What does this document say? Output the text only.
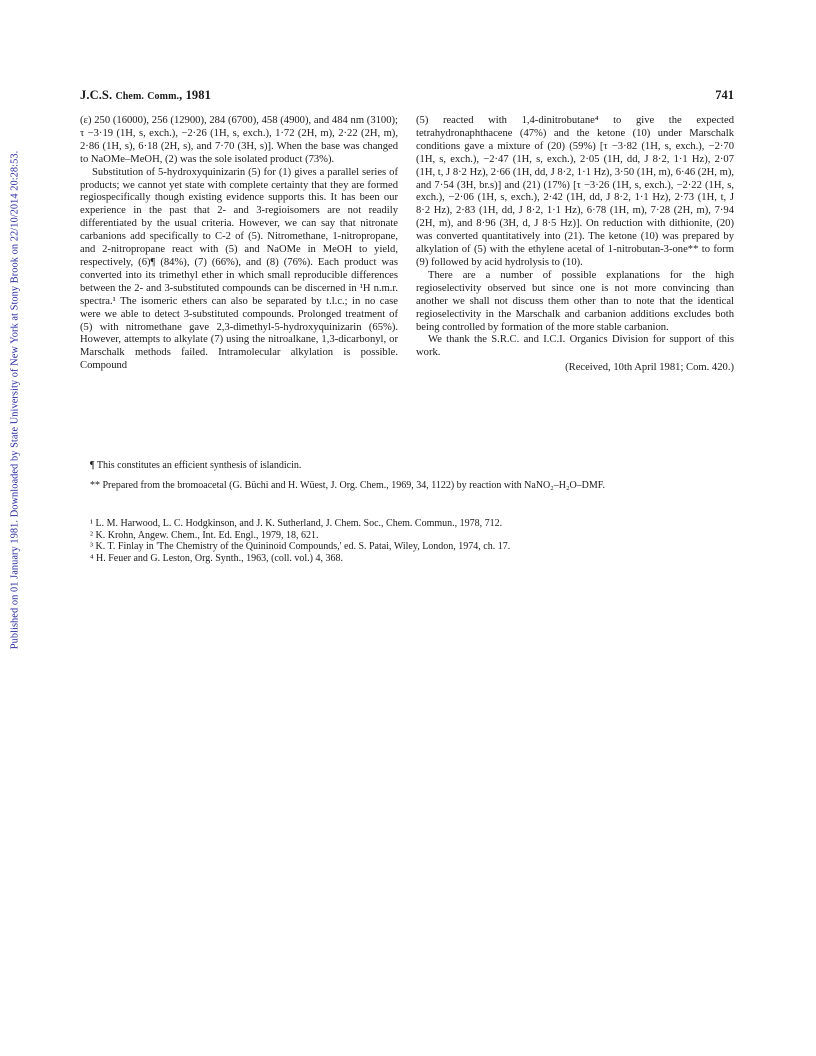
Published on 01 January 1981. Downloaded by State University of New York at Stony Brook on 22/10/2014 20:28:53.
J.C.S. Chem. Comm., 1981	741

(ε) 250 (16000), 256 (12900), 284 (6700), 458 (4900), and 484 nm (3100); τ −3·19 (1H, s, exch.), −2·26 (1H, s, exch.), 1·72 (2H, m), 2·22 (2H, m), 2·86 (1H, s), 6·18 (2H, s), and 7·70 (3H, s)]. When the base was changed to NaOMe–MeOH, (2) was the sole isolated product (73%).

Substitution of 5-hydroxyquinizarin (5) for (1) gives a parallel series of products; we cannot yet state with complete certainty that they are formed regiospecifically though existing evidence supports this. It has been our experience in the past that 2- and 3-regioisomers are not readily differentiated by the usual criteria. However, we can say that nitronate carbanions add specifically to C-2 of (5). Nitromethane, 1-nitropropane, and 2-nitropropane react with (5) and NaOMe in MeOH to yield, respectively, (6)¶ (84%), (7) (66%), and (8) (76%). Each product was converted into its trimethyl ether in which small reproducible differences between the 2- and 3-substituted compounds can be discerned in ¹H n.m.r. spectra.¹ The isomeric ethers can also be separated by t.l.c.; in no case were we able to detect 3-substituted compounds. Prolonged treatment of (5) with nitromethane gave 2,3-dimethyl-5-hydroxyquinizarin (65%). However, attempts to alkylate (7) using the nitroalkane, 1,3-dicarbonyl, or Marschalk methods failed. Intramolecular alkylation is possible. Compound

(5) reacted with 1,4-dinitrobutane⁴ to give the expected tetrahydronaphthacene (47%) and the ketone (10) under Marschalk conditions gave a mixture of (20) (59%) [τ −3·82 (1H, s, exch.), −2·70 (1H, s, exch.), −2·47 (1H, s, exch.), 2·05 (1H, dd, J 8·2, 1·1 Hz), 2·07 (1H, t, J 8·2 Hz), 2·66 (1H, dd, J 8·2, 1·1 Hz), 3·50 (1H, m), 6·46 (2H, m), and 7·54 (3H, br.s)] and (21) (17%) [τ −3·26 (1H, s, exch.), −2·22 (1H, s, exch.), −2·06 (1H, s, exch.), 2·42 (1H, dd, J 8·2, 1·1 Hz), 2·73 (1H, t, J 8·2 Hz), 2·83 (1H, dd, J 8·2, 1·1 Hz), 6·78 (1H, m), 7·28 (2H, m), 7·94 (2H, m), and 8·96 (3H, d, J 8·5 Hz)]. On reduction with dithionite, (20) was converted quantitatively into (21). The ketone (10) was prepared by alkylation of (5) with the ethylene acetal of 1-nitrobutan-3-one** to form (9) followed by acid hydrolysis to (10).

There are a number of possible explanations for the high regioselectivity observed but since one is not more convincing than another we shall not discuss them other than to note that the identical regioselectivity in the Marschalk and carbanion additions excludes both being controlled by formation of the more stable carbanion.

We thank the S.R.C. and I.C.I. Organics Division for support of this work.

(Received, 10th April 1981; Com. 420.)

¶ This constitutes an efficient synthesis of islandicin.

** Prepared from the bromoacetal (G. Büchi and H. Wüest, J. Org. Chem., 1969, 34, 1122) by reaction with NaNO₂–H₂O–DMF.

¹ L. M. Harwood, L. C. Hodgkinson, and J. K. Sutherland, J. Chem. Soc., Chem. Commun., 1978, 712.

² K. Krohn, Angew. Chem., Int. Ed. Engl., 1979, 18, 621.

³ K. T. Finlay in 'The Chemistry of the Quininoid Compounds,' ed. S. Patai, Wiley, London, 1974, ch. 17.

⁴ H. Feuer and G. Leston, Org. Synth., 1963, (coll. vol.) 4, 368.
